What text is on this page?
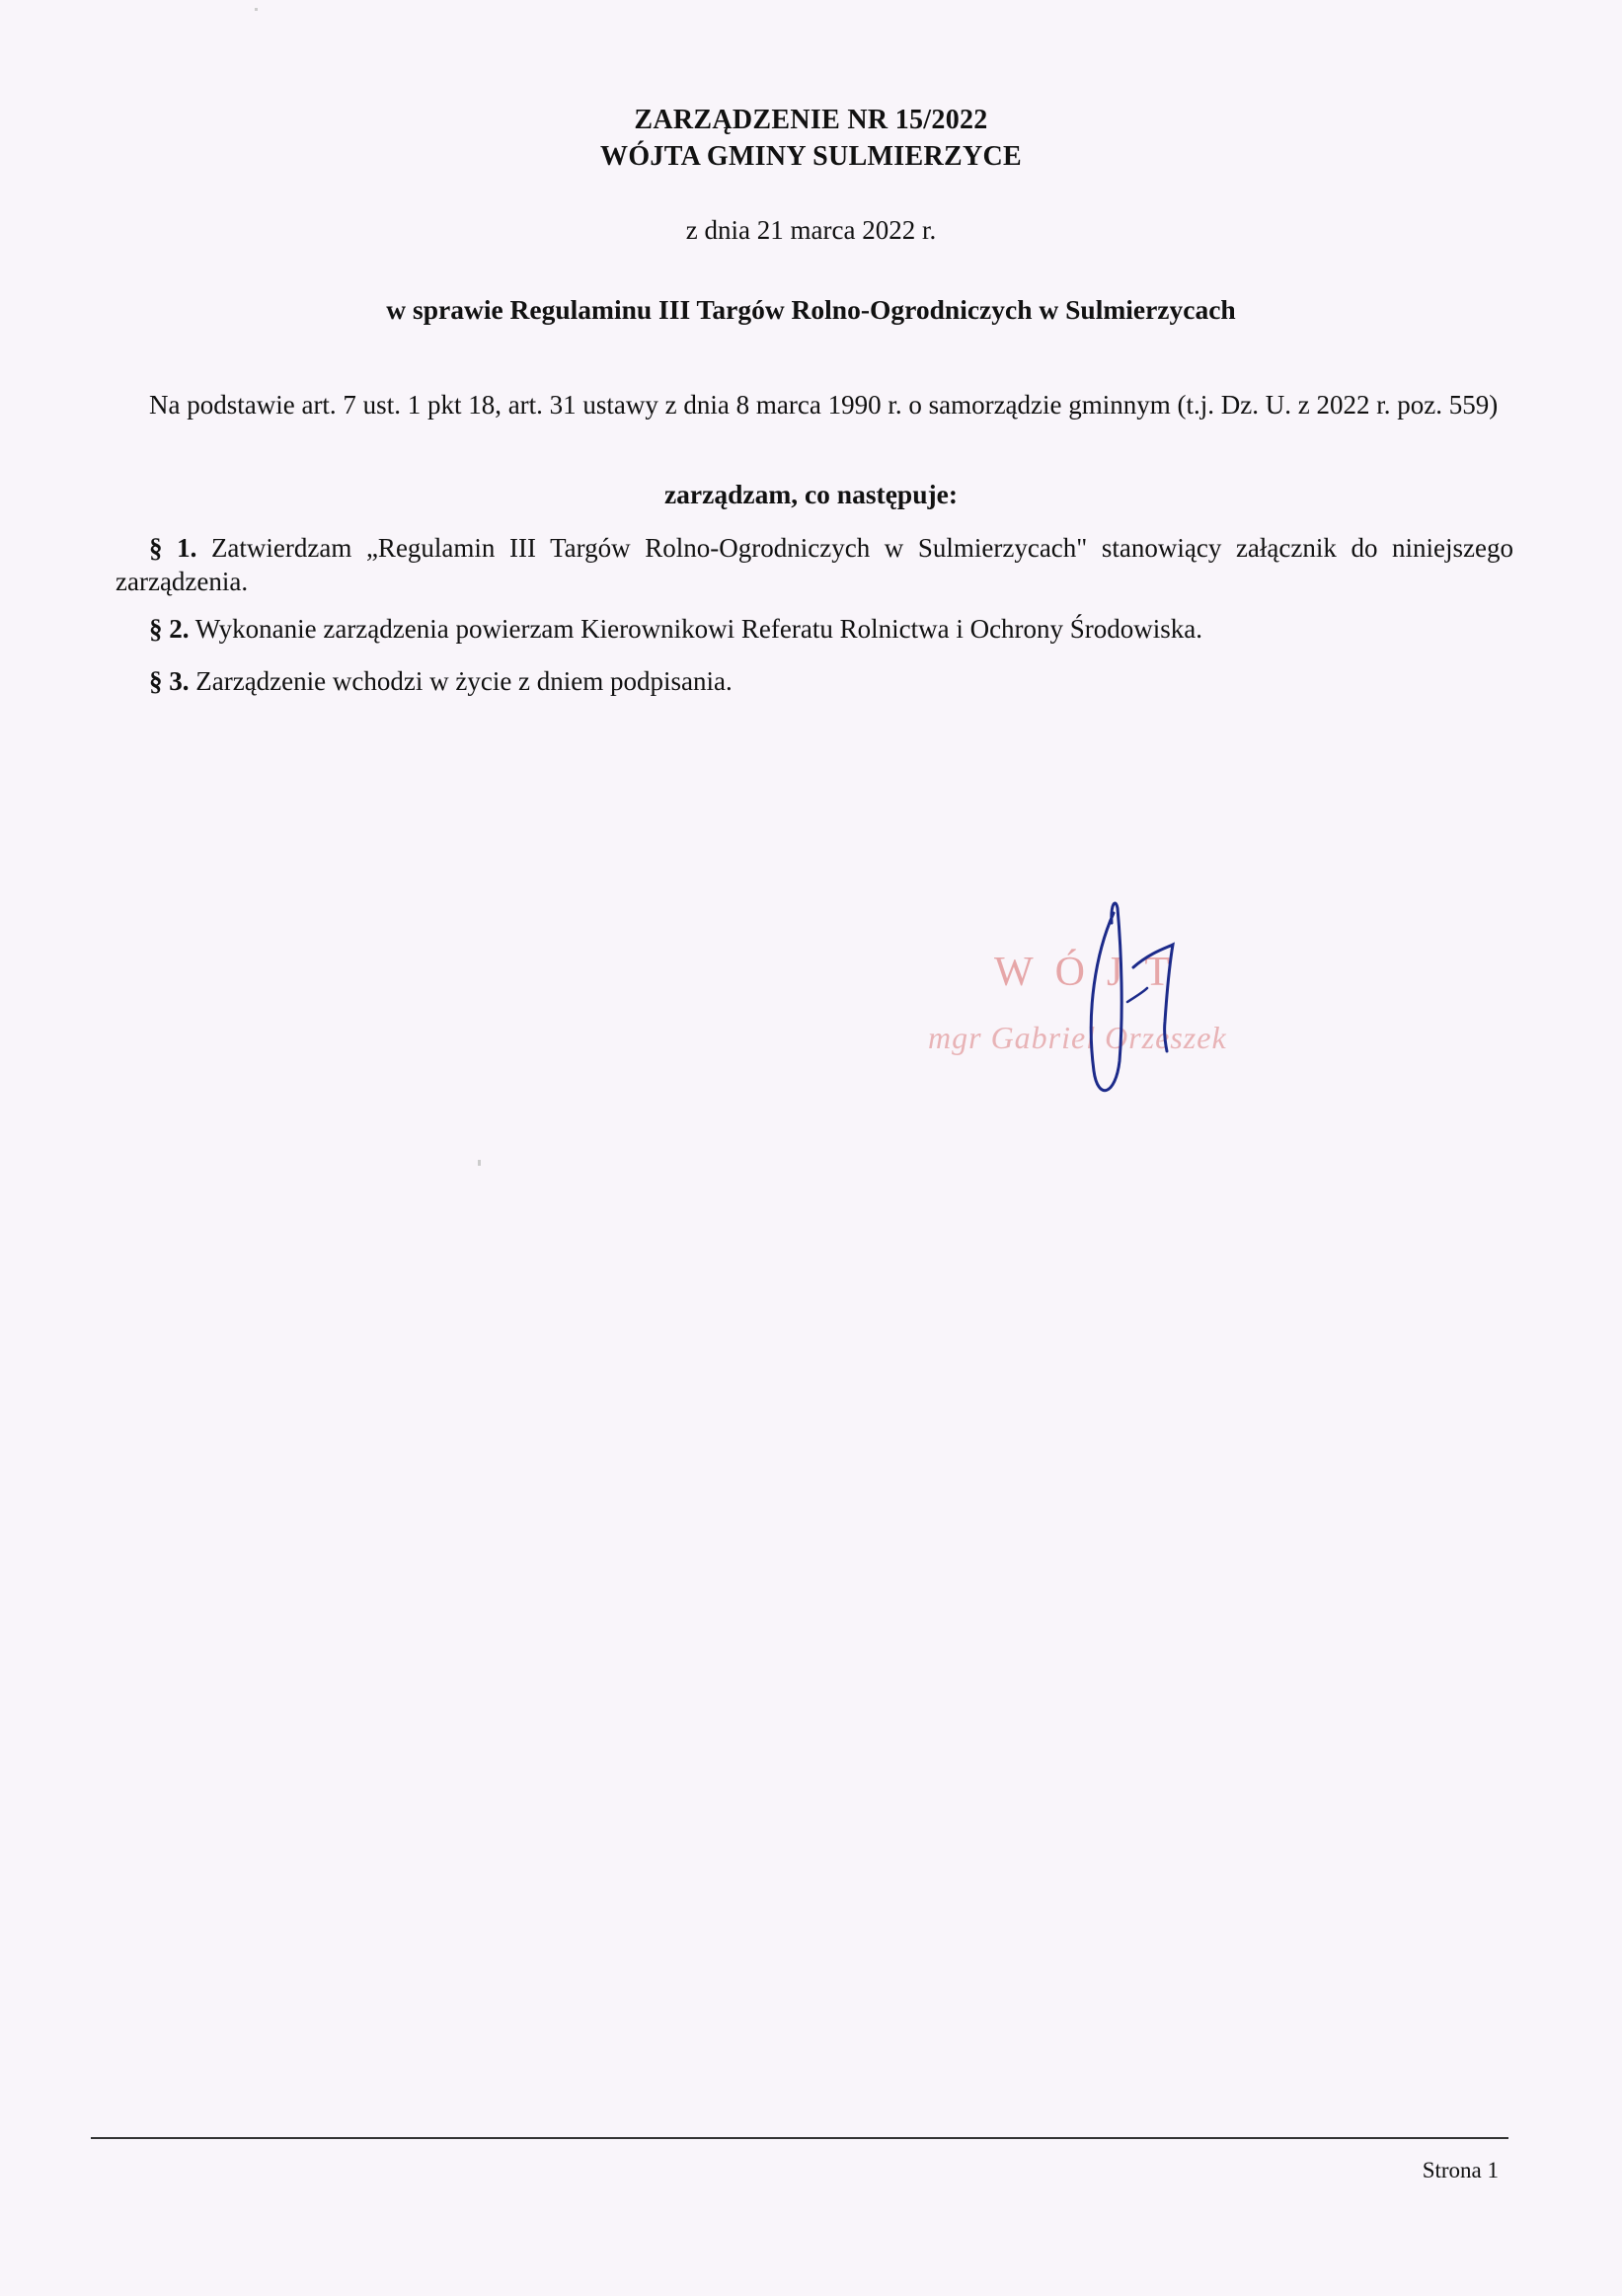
ZARZĄDZENIE NR 15/2022
WÓJTA GMINY SULMIERZYCE
z dnia 21 marca 2022 r.
w sprawie Regulaminu III Targów Rolno-Ogrodniczych w Sulmierzycach
Na podstawie art. 7 ust. 1 pkt 18, art. 31 ustawy z dnia 8 marca 1990 r. o samorządzie gminnym (t.j. Dz. U. z 2022 r. poz. 559)
zarządzam, co następuje:
§ 1. Zatwierdzam „Regulamin III Targów Rolno-Ogrodniczych w Sulmierzycach" stanowiący załącznik do niniejszego zarządzenia.
§ 2. Wykonanie zarządzenia powierzam Kierownikowi Referatu Rolnictwa i Ochrony Środowiska.
§ 3. Zarządzenie wchodzi w życie z dniem podpisania.
WÓJT
mgr Gabriel Orzeszek
Strona 1
